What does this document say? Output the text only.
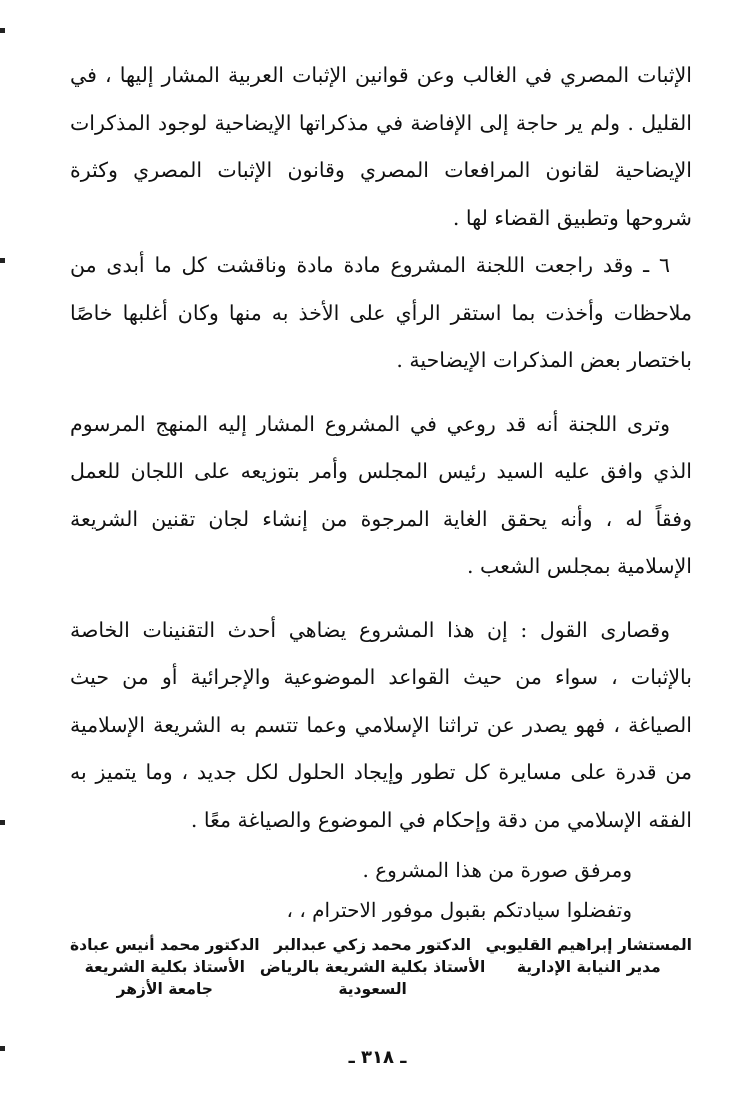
الإثبات المصري في الغالب وعن قوانين الإثبات العربية المشار إليها ، في القليل . ولم ير حاجة إلى الإفاضة في مذكراتها الإيضاحية لوجود المذكرات الإيضاحية لقانون المرافعات المصري وقانون الإثبات المصري وكثرة شروحها وتطبيق القضاء لها .

٦ ـ وقد راجعت اللجنة المشروع مادة مادة وناقشت كل ما أبدى من ملاحظات وأخذت بما استقر الرأي على الأخذ به منها وكان أغلبها خاصًا باختصار بعض المذكرات الإيضاحية .

وترى اللجنة أنه قد روعي في المشروع المشار إليه المنهج المرسوم الذي وافق عليه السيد رئيس المجلس وأمر بتوزيعه على اللجان للعمل وفقاً له ، وأنه يحقق الغاية المرجوة من إنشاء لجان تقنين الشريعة الإسلامية بمجلس الشعب .

وقصارى القول : إن هذا المشروع يضاهي أحدث التقنينات الخاصة بالإثبات ، سواء من حيث القواعد الموضوعية والإجرائية أو من حيث الصياغة ، فهو يصدر عن تراثنا الإسلامي وعما تتسم به الشريعة الإسلامية من قدرة على مسايرة كل تطور وإيجاد الحلول لكل جديد ، وما يتميز به الفقه الإسلامي من دقة وإحكام في الموضوع والصياغة معًا .

ومرفق صورة من هذا المشروع .

وتفضلوا سيادتكم بقبول موفور الاحترام ، ،

المستشار إبراهيم القليوبي
مدير النيابة الإدارية
الدكتور محمد زكي عبدالبر
الأستاذ بكلية الشريعة بالرياض
السعودية
الدكتور محمد أنيس عبادة
الأستاذ بكلية الشريعة
جامعة الأزهر
ـ ٣١٨ ـ
